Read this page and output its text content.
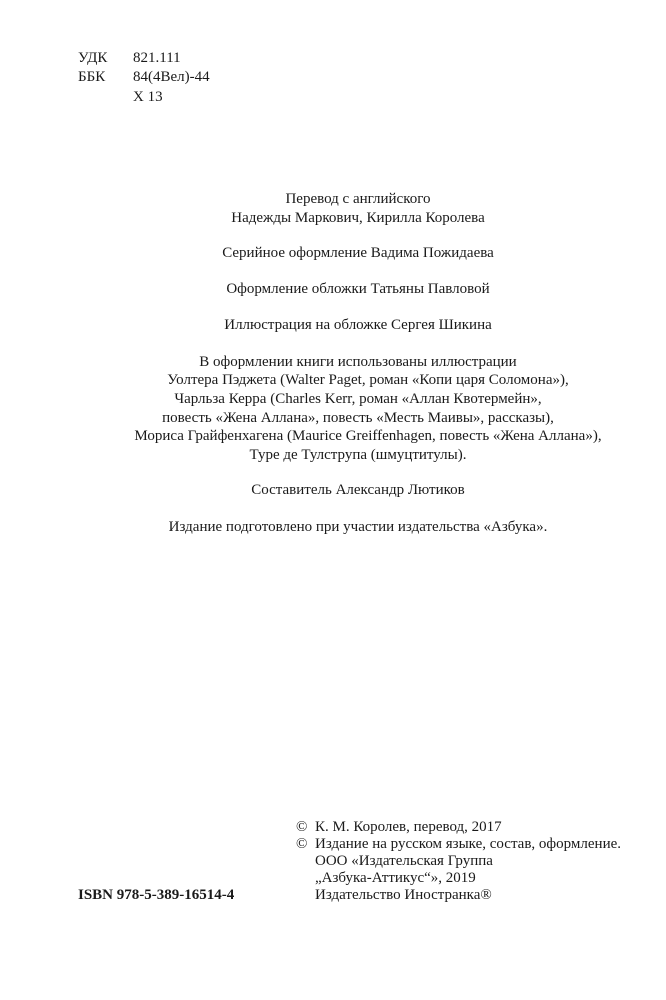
УДК 821.111
ББК 84(4Вел)-44
Х 13
Перевод с английского
Надежды Маркович, Кирилла Королева
Серийное оформление Вадима Пожидаева
Оформление обложки Татьяны Павловой
Иллюстрация на обложке Сергея Шикина
В оформлении книги использованы иллюстрации
Уолтера Пэджета (Walter Paget, роман «Копи царя Соломона»),
Чарльза Керра (Charles Kerr, роман «Аллан Квотермейн»,
повесть «Жена Аллана», повесть «Месть Маивы», рассказы),
Мориса Грайфенхагена (Maurice Greiffenhagen, повесть «Жена Аллана»),
Туре де Тулструпа (шмуцтитулы).
Составитель Александр Лютиков
Издание подготовлено при участии издательства «Азбука».
© К. М. Королев, перевод, 2017
© Издание на русском языке, состав, оформление.
ООО «Издательская Группа
„Азбука-Аттикус“», 2019
Издательство Иностранка®
ISBN 978-5-389-16514-4
